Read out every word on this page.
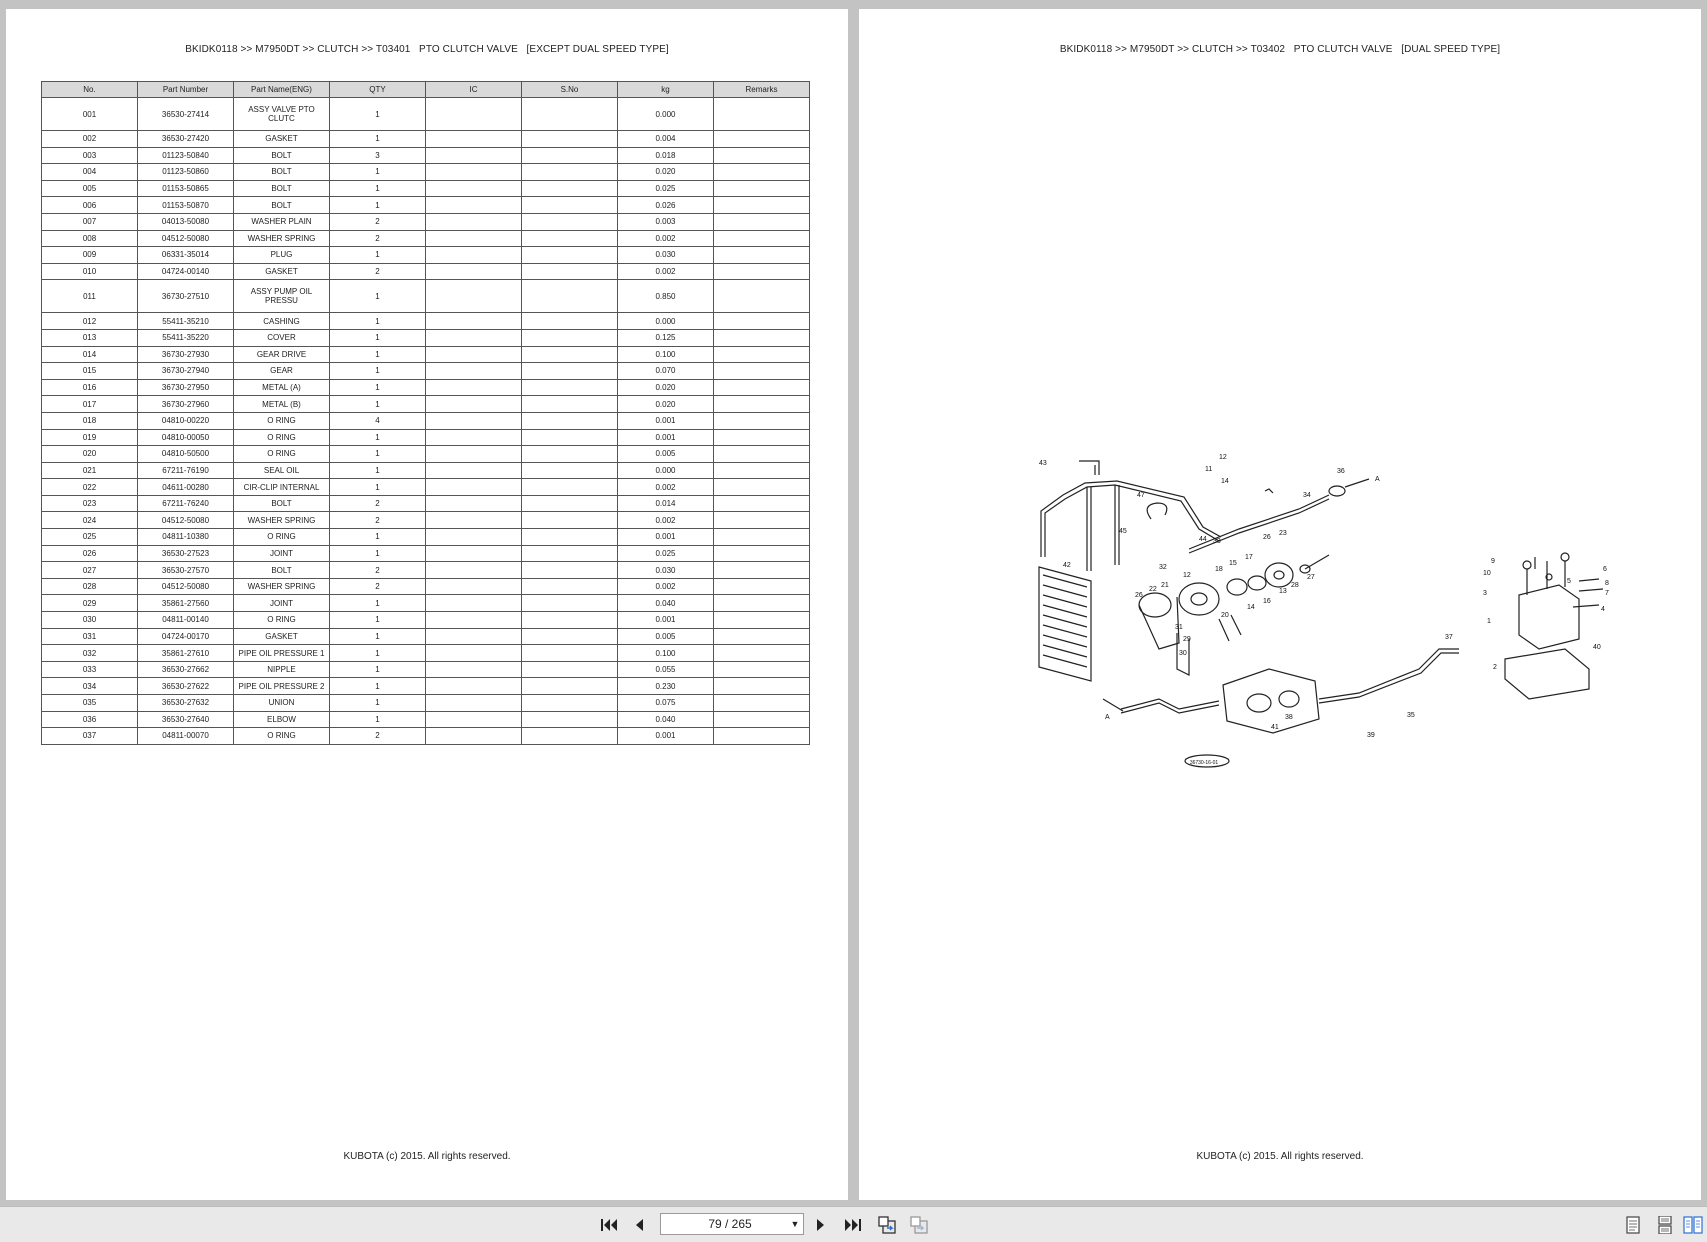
BKIDK0118 >> M7950DT >> CLUTCH >> T03401   PTO CLUTCH VALVE   [EXCEPT DUAL SPEED TYPE]
No.	Part Number	Part Name(ENG)	QTY	IC	S.No	kg	Remarks
001	36530-27414	ASSY VALVE PTO CLUTC	1			0.000	
002	36530-27420	GASKET	1			0.004	
003	01123-50840	BOLT	3			0.018	
004	01123-50860	BOLT	1			0.020	
005	01153-50865	BOLT	1			0.025	
006	01153-50870	BOLT	1			0.026	
007	04013-50080	WASHER PLAIN	2			0.003	
008	04512-50080	WASHER SPRING	2			0.002	
009	06331-35014	PLUG	1			0.030	
010	04724-00140	GASKET	2			0.002	
011	36730-27510	ASSY PUMP OIL PRESSU	1			0.850	
012	55411-35210	CASHING	1			0.000	
013	55411-35220	COVER	1			0.125	
014	36730-27930	GEAR DRIVE	1			0.100	
015	36730-27940	GEAR	1			0.070	
016	36730-27950	METAL (A)	1			0.020	
017	36730-27960	METAL (B)	1			0.020	
018	04810-00220	O RING	4			0.001	
019	04810-00050	O RING	1			0.001	
020	04810-50500	O RING	1			0.005	
021	67211-76190	SEAL OIL	1			0.000	
022	04611-00280	CIR-CLIP INTERNAL	1			0.002	
023	67211-76240	BOLT	2			0.014	
024	04512-50080	WASHER SPRING	2			0.002	
025	04811-10380	O RING	1			0.001	
026	36530-27523	JOINT	1			0.025	
027	36530-27570	BOLT	2			0.030	
028	04512-50080	WASHER SPRING	2			0.002	
029	35861-27560	JOINT	1			0.040	
030	04811-00140	O RING	1			0.001	
031	04724-00170	GASKET	1			0.005	
032	35861-27610	PIPE OIL PRESSURE 1	1			0.100	
033	36530-27662	NIPPLE	1			0.055	
034	36530-27622	PIPE OIL PRESSURE 2	1			0.230	
035	36530-27632	UNION	1			0.075	
036	36530-27640	ELBOW	1			0.040	
037	04811-00070	O RING	2			0.001	
KUBOTA (c) 2015. All rights reserved.
BKIDK0118 >> M7950DT >> CLUTCH >> T03402   PTO CLUTCH VALVE   [DUAL SPEED TYPE]
36730-16-01
43
45
47
42
26
22
21
31
29
30
32
12
44 33
18
15
17
16
20
14
13
23
26
27
28
11
12
14
36
34
A
9
10
3
1
2
37
40
6
8
5
7
4
38
39
41
35
A
KUBOTA (c) 2015. All rights reserved.
79 / 265	▼
